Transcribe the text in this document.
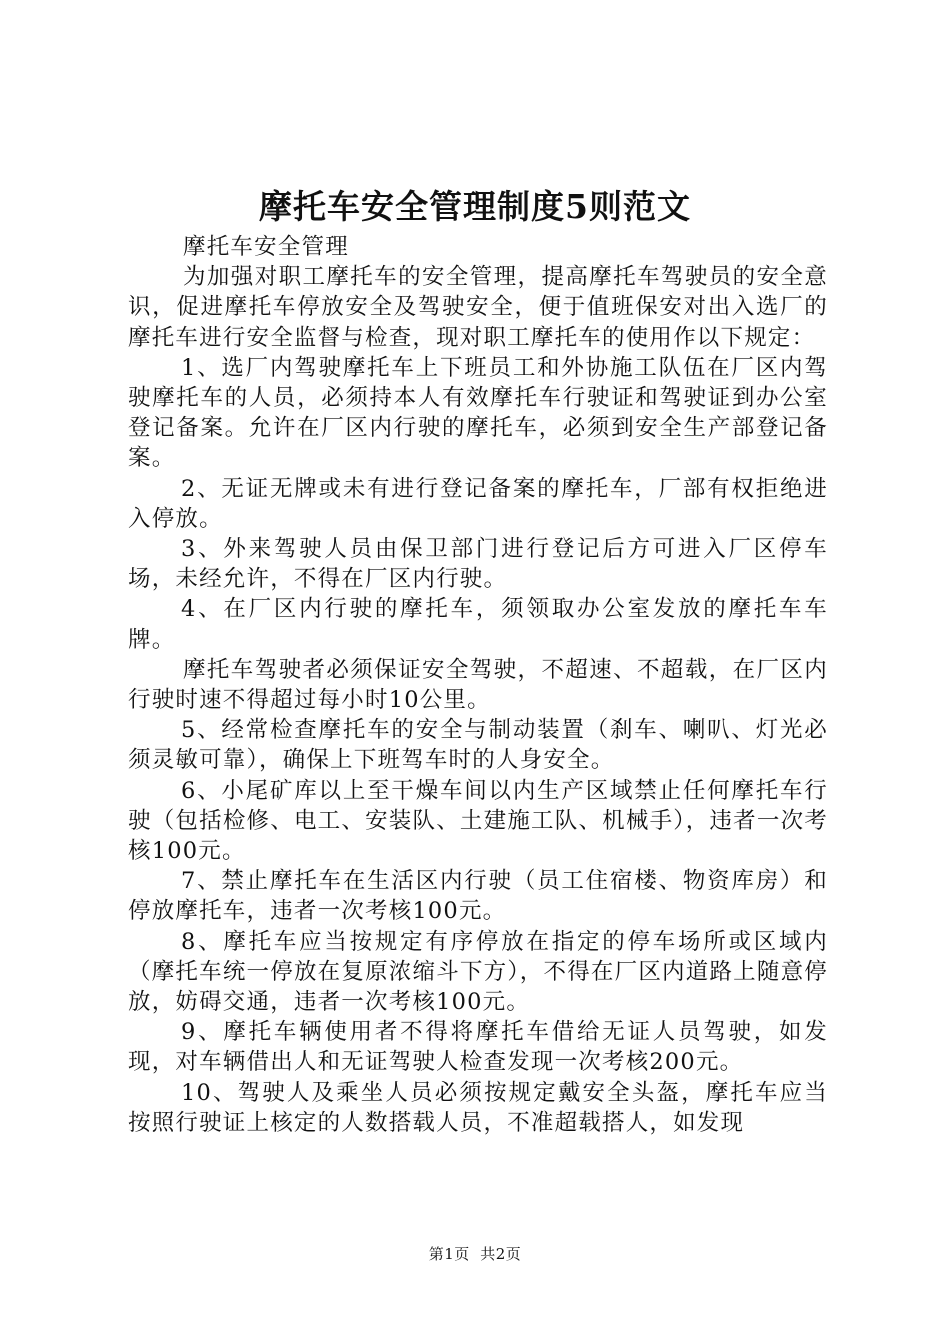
摩托车安全管理制度5则范文

摩托车安全管理

为加强对职工摩托车的安全管理，提高摩托车驾驶员的安全意识，促进摩托车停放安全及驾驶安全，便于值班保安对出入选厂的摩托车进行安全监督与检查，现对职工摩托车的使用作以下规定：

1、选厂内驾驶摩托车上下班员工和外协施工队伍在厂区内驾驶摩托车的人员，必须持本人有效摩托车行驶证和驾驶证到办公室登记备案。允许在厂区内行驶的摩托车，必须到安全生产部登记备案。

2、无证无牌或未有进行登记备案的摩托车，厂部有权拒绝进入停放。

3、外来驾驶人员由保卫部门进行登记后方可进入厂区停车场，未经允许，不得在厂区内行驶。

4、在厂区内行驶的摩托车，须领取办公室发放的摩托车车牌。

摩托车驾驶者必须保证安全驾驶，不超速、不超载，在厂区内行驶时速不得超过每小时10公里。

5、经常检查摩托车的安全与制动装置（刹车、喇叭、灯光必须灵敏可靠），确保上下班驾车时的人身安全。

6、小尾矿库以上至干燥车间以内生产区域禁止任何摩托车行驶（包括检修、电工、安装队、土建施工队、机械手），违者一次考核100元。

7、禁止摩托车在生活区内行驶（员工住宿楼、物资库房）和停放摩托车，违者一次考核100元。

8、摩托车应当按规定有序停放在指定的停车场所或区域内（摩托车统一停放在复原浓缩斗下方），不得在厂区内道路上随意停放，妨碍交通，违者一次考核100元。

9、摩托车辆使用者不得将摩托车借给无证人员驾驶，如发现，对车辆借出人和无证驾驶人检查发现一次考核200元。

10、驾驶人及乘坐人员必须按规定戴安全头盔，摩托车应当按照行驶证上核定的人数搭载人员，不准超载搭人，如发现

第1页  共2页
